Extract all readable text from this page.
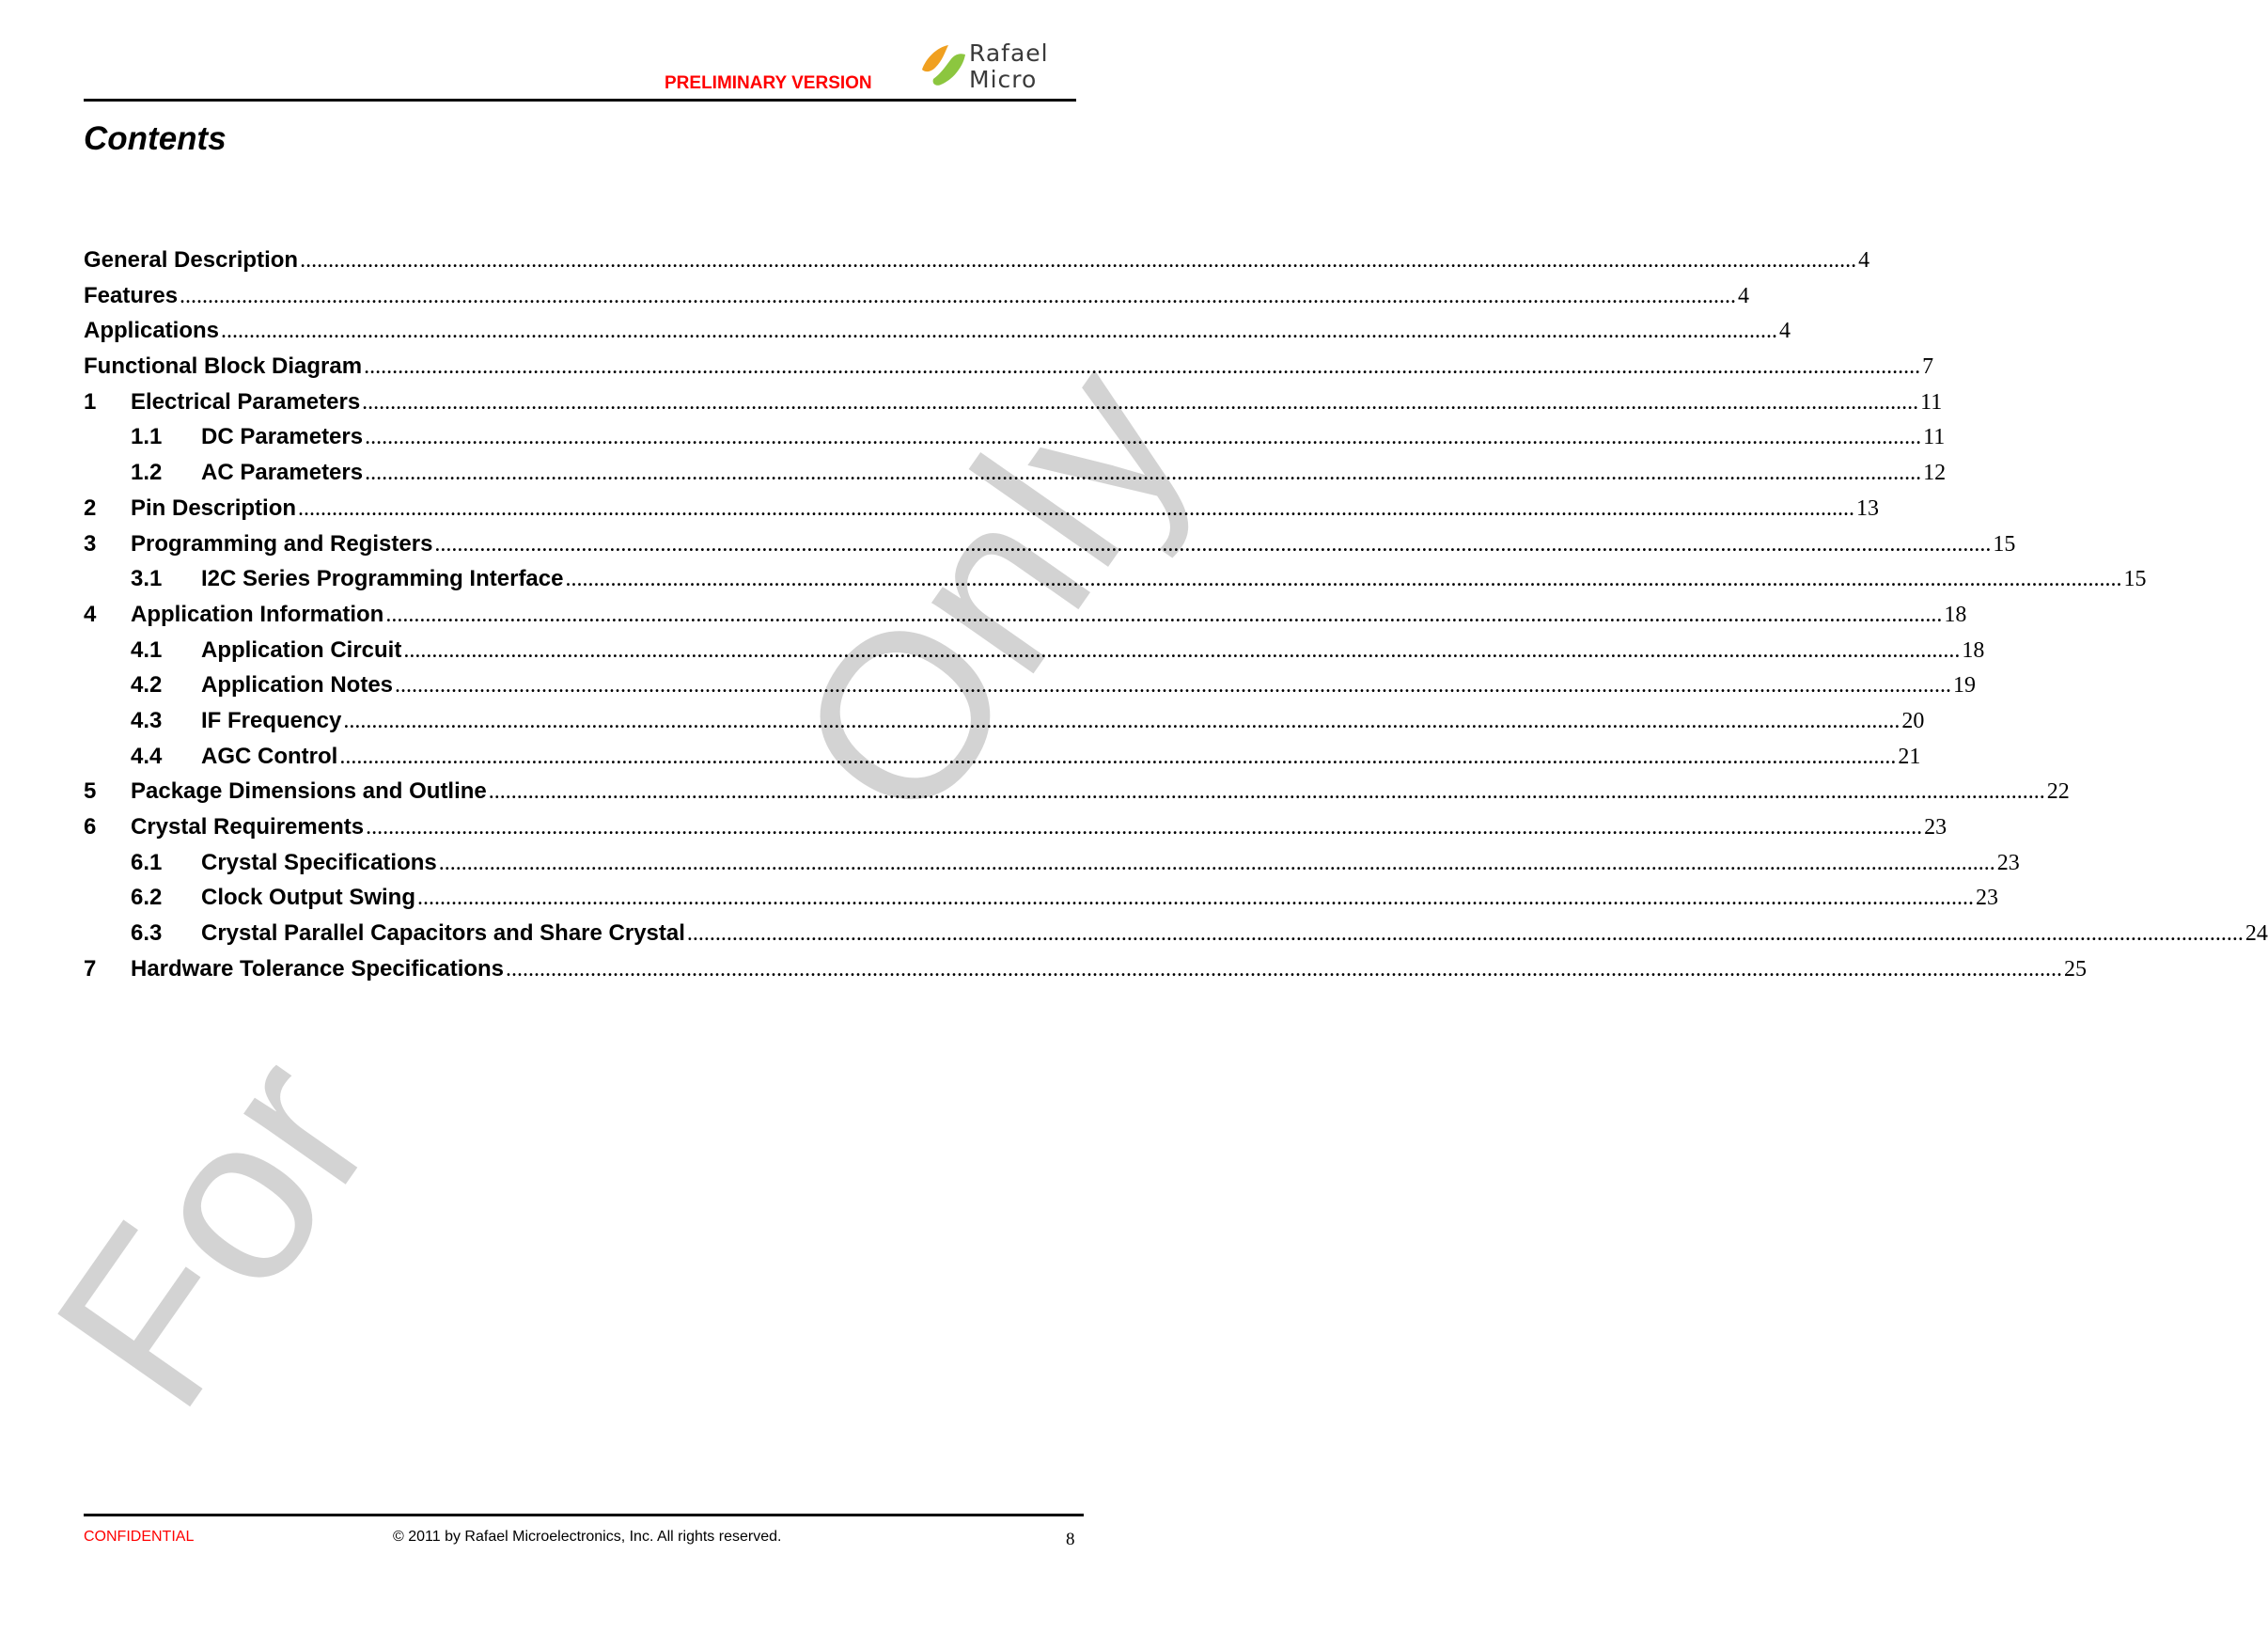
PRELIMINARY VERSION
Rafael
Micro
Contents
Only
For
General Description .....	4
Features .....	4
Applications .....	4
Functional Block Diagram .....	7
1	Electrical Parameters .....	11
1.1	DC Parameters .....	11
1.2	AC Parameters .....	12
2	Pin Description .....	13
3	Programming and Registers .....	15
3.1	I2C Series Programming Interface .....	15
4	Application Information .....	18
4.1	Application Circuit .....	18
4.2	Application Notes .....	19
4.3	IF Frequency .....	20
4.4	AGC Control .....	21
5	Package Dimensions and Outline .....	22
6	Crystal Requirements .....	23
6.1	Crystal Specifications .....	23
6.2	Clock Output Swing .....	23
6.3	Crystal Parallel Capacitors and Share Crystal .....	24
7	Hardware Tolerance Specifications .....	25
CONFIDENTIAL	© 2011 by Rafael Microelectronics, Inc. All rights reserved.	8
